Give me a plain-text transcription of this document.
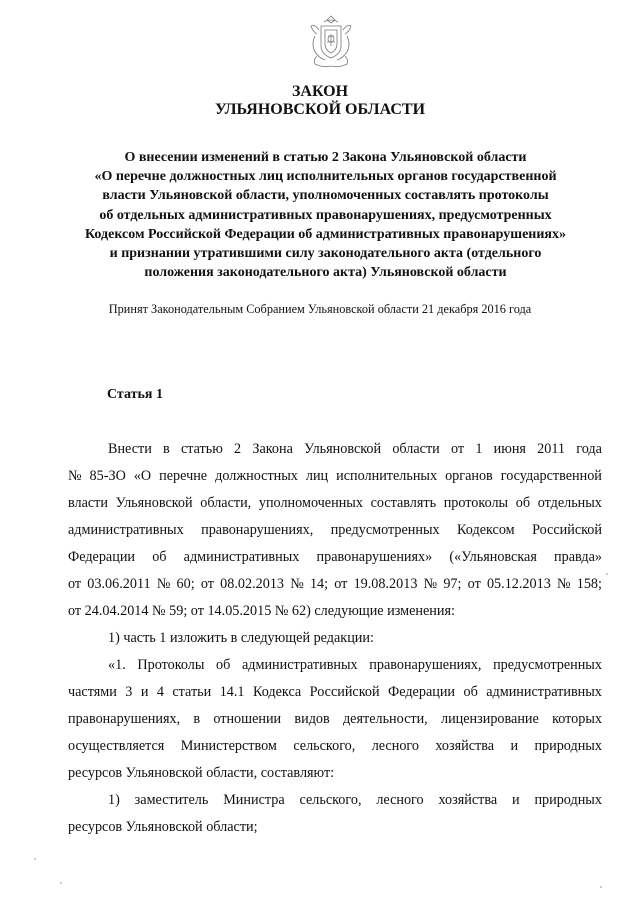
ЗАКОН
УЛЬЯНОВСКОЙ ОБЛАСТИ
О внесении изменений в статью 2 Закона Ульяновской области
«О перечне должностных лиц исполнительных органов государственной
власти Ульяновской области, уполномоченных составлять протоколы
об отдельных административных правонарушениях, предусмотренных
Кодексом Российской Федерации об административных правонарушениях»
и признании утратившими силу законодательного акта (отдельного
положения законодательного акта) Ульяновской области
Принят Законодательным Собранием Ульяновской области 21 декабря 2016 года
Статья 1
Внести в статью 2 Закона Ульяновской области от 1 июня 2011 года
№ 85-ЗО «О перечне должностных лиц исполнительных органов государственной
власти Ульяновской области, уполномоченных составлять протоколы об отдельных
административных правонарушениях, предусмотренных Кодексом Российской
Федерации об административных правонарушениях» («Ульяновская правда»
от 03.06.2011 № 60; от 08.02.2013 № 14; от 19.08.2013 № 97; от 05.12.2013 № 158;
от 24.04.2014 № 59; от 14.05.2015 № 62) следующие изменения:
1) часть 1 изложить в следующей редакции:
«1. Протоколы об административных правонарушениях, предусмотренных
частями 3 и 4 статьи 14.1 Кодекса Российской Федерации об административных
правонарушениях, в отношении видов деятельности, лицензирование которых
осуществляется Министерством сельского, лесного хозяйства и природных
ресурсов Ульяновской области, составляют:
1) заместитель Министра сельского, лесного хозяйства и природных
ресурсов Ульяновской области;
